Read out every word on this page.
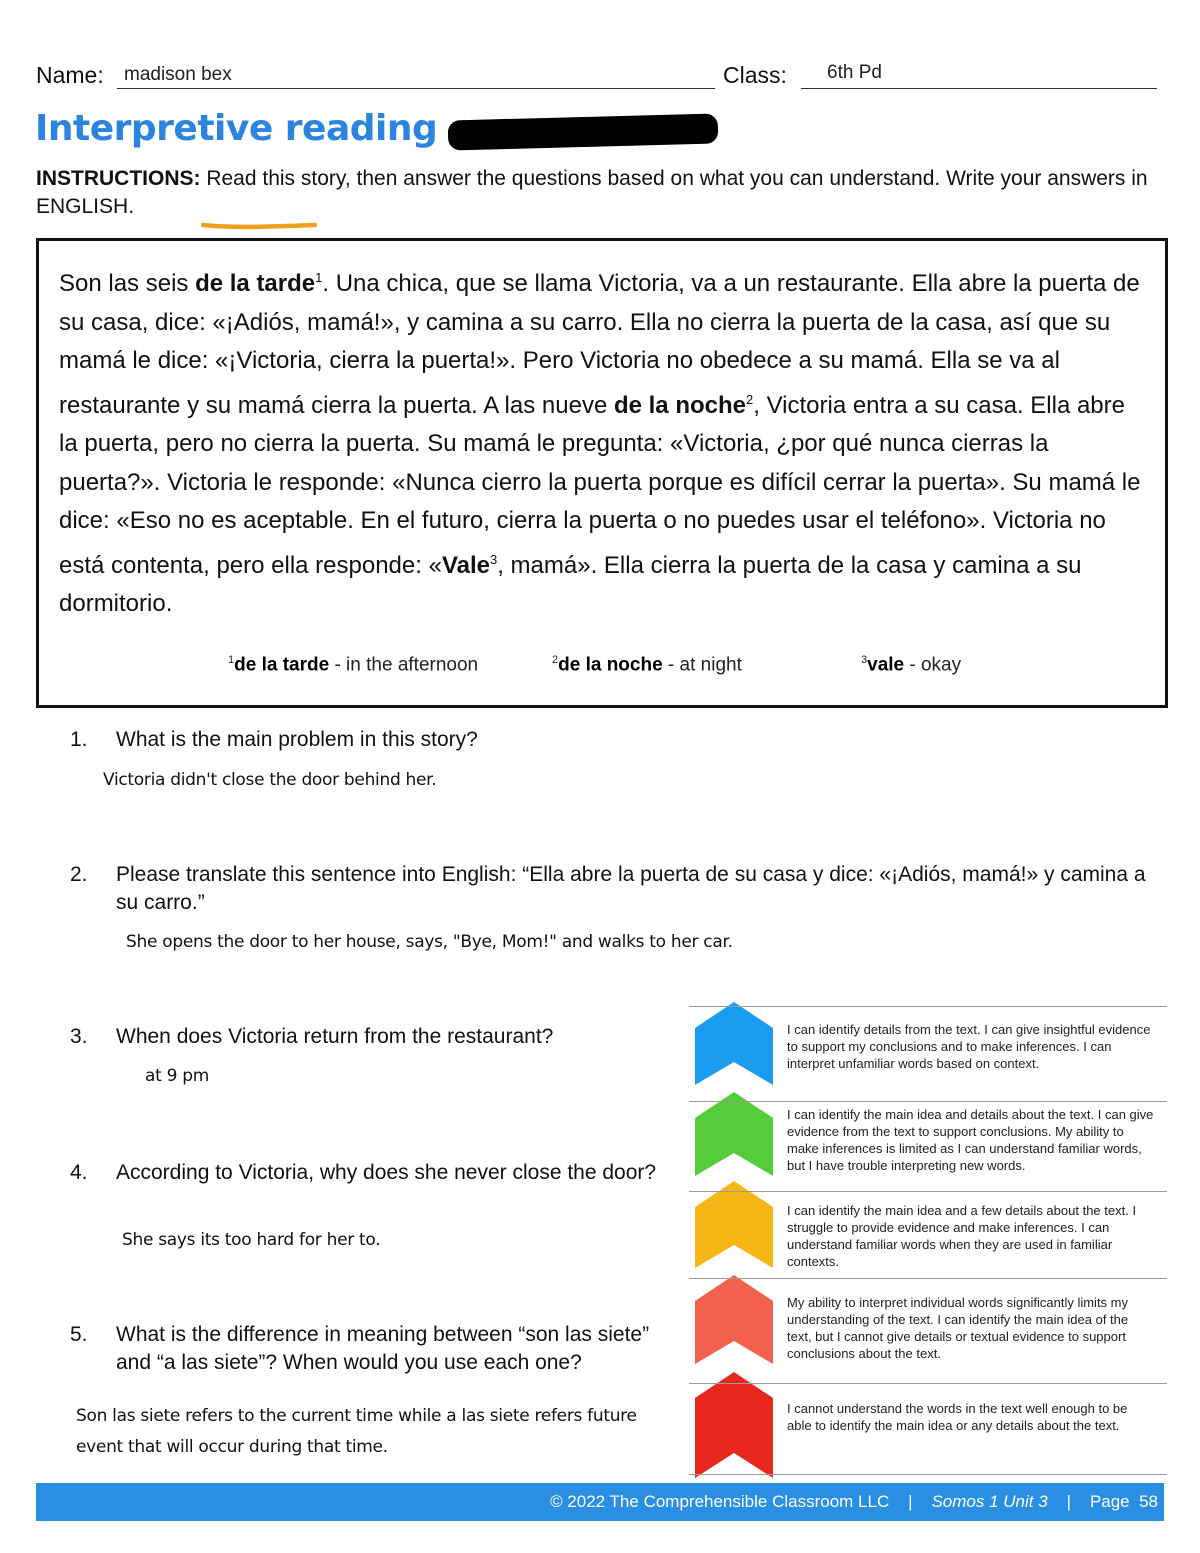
Name: madison bex	Class: 6th Pd
Interpretive reading
INSTRUCTIONS: Read this story, then answer the questions based on what you can understand. Write your answers in ENGLISH.
Son las seis de la tarde$^1$. Una chica, que se llama Victoria, va a un restaurante. Ella abre la puerta de su casa, dice: «¡Adiós, mamá!», y camina a su carro. Ella no cierra la puerta de la casa, así que su mamá le dice: «¡Victoria, cierra la puerta!». Pero Victoria no obedece a su mamá. Ella se va al restaurante y su mamá cierra la puerta. A las nueve de la noche$^2$, Victoria entra a su casa. Ella abre la puerta, pero no cierra la puerta. Su mamá le pregunta: «Victoria, ¿por qué nunca cierras la puerta?». Victoria le responde: «Nunca cierro la puerta porque es difícil cerrar la puerta». Su mamá le dice: «Eso no es aceptable. En el futuro, cierra la puerta o no puedes usar el teléfono». Victoria no está contenta, pero ella responde: «Vale$^3$, mamá». Ella cierra la puerta de la casa y camina a su dormitorio.
$^1$de la tarde - in the afternoon	$^2$de la noche - at night	$^3$vale - okay
1. What is the main problem in this story?
Victoria didn't close the door behind her.
2. Please translate this sentence into English: “Ella abre la puerta de su casa y dice: «¡Adiós, mamá!» y camina a su carro.”
She opens the door to her house, says, "Bye, Mom!" and walks to her car.
3. When does Victoria return from the restaurant?
at 9 pm
4. According to Victoria, why does she never close the door?
She says its too hard for her to.
5. What is the difference in meaning between “son las siete” and “a las siete”? When would you use each one?
Son las siete refers to the current time while a las siete refers future event that will occur during that time.
I can identify details from the text. I can give insightful evidence to support my conclusions and to make inferences. I can interpret unfamiliar words based on context.
I can identify the main idea and details about the text. I can give evidence from the text to support conclusions. My ability to make inferences is limited as I can understand familiar words, but I have trouble interpreting new words.
I can identify the main idea and a few details about the text. I struggle to provide evidence and make inferences. I can understand familiar words when they are used in familiar contexts.
My ability to interpret individual words significantly limits my understanding of the text. I can identify the main idea of the text, but I cannot give details or textual evidence to support conclusions about the text.
I cannot understand the words in the text well enough to be able to identify the main idea or any details about the text.
© 2022 The Comprehensible Classroom LLC | Somos 1 Unit 3 | Page  58
